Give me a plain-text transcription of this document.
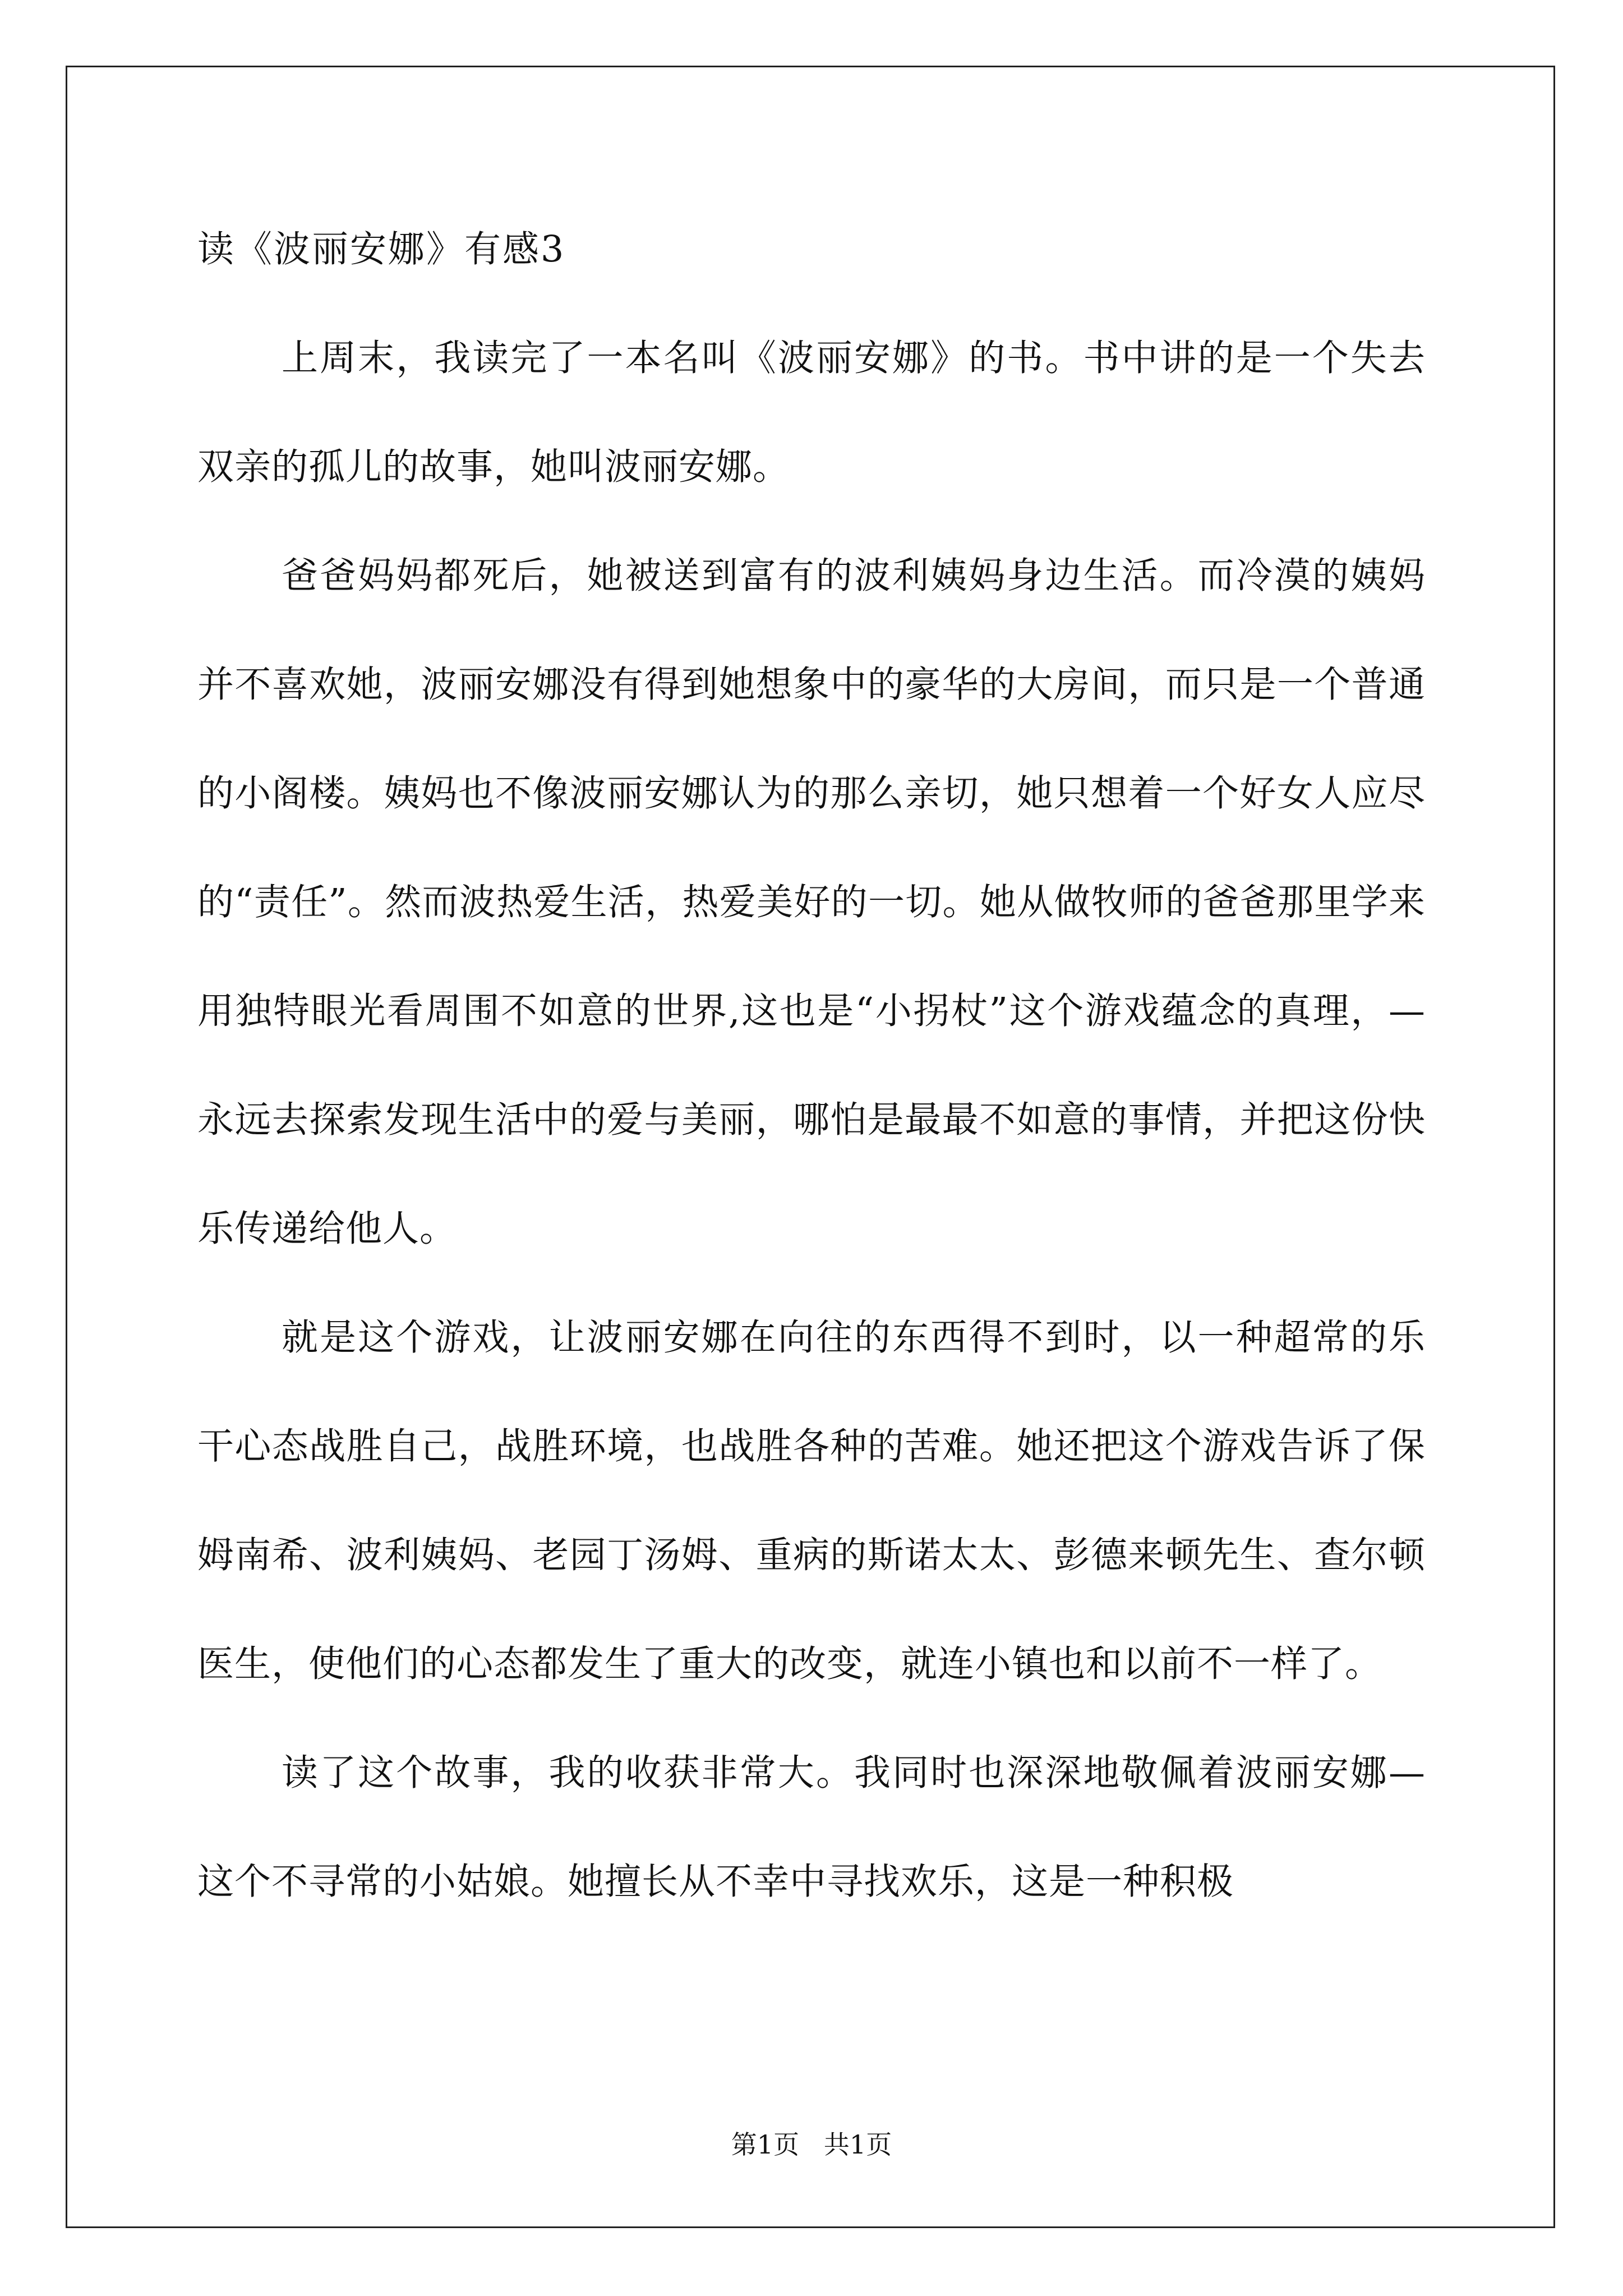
读《波丽安娜》有感3

上周末，我读完了一本名叫《波丽安娜》的书。书中讲的是一个失去双亲的孤儿的故事，她叫波丽安娜。

爸爸妈妈都死后，她被送到富有的波利姨妈身边生活。而冷漠的姨妈并不喜欢她，波丽安娜没有得到她想象中的豪华的大房间，而只是一个普通的小阁楼。姨妈也不像波丽安娜认为的那么亲切，她只想着一个好女人应尽的“责任”。然而波热爱生活，热爱美好的一切。她从做牧师的爸爸那里学来用独特眼光看周围不如意的世界,这也是“小拐杖”这个游戏蕴念的真理，—永远去探索发现生活中的爱与美丽，哪怕是最最不如意的事情，并把这份快乐传递给他人。

就是这个游戏，让波丽安娜在向往的东西得不到时，以一种超常的乐干心态战胜自己，战胜环境，也战胜各种的苦难。她还把这个游戏告诉了保姆南希、波利姨妈、老园丁汤姆、重病的斯诺太太、彭德来顿先生、查尔顿医生，使他们的心态都发生了重大的改变，就连小镇也和以前不一样了。

读了这个故事，我的收获非常大。我同时也深深地敬佩着波丽安娜—这个不寻常的小姑娘。她擅长从不幸中寻找欢乐，这是一种积极

第1页   共1页
